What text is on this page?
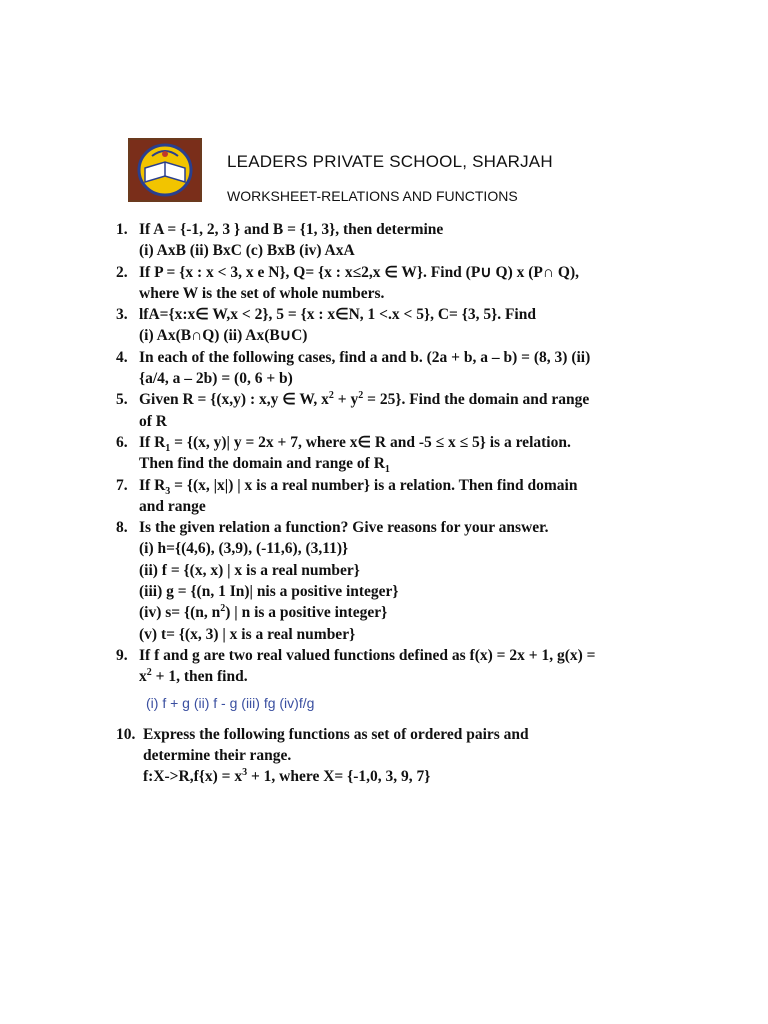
LEADERS PRIVATE SCHOOL, SHARJAH
WORKSHEET-RELATIONS AND FUNCTIONS
1. If A = {-1, 2, 3 } and B = {1, 3}, then determine
(i) AxB (ii) BxC (c) BxB (iv) AxA
2. If P = {x : x < 3, x e N}, Q= {x : x≤2,x ∈ W}. Find (P∪ Q) x (P∩ Q),
where W is the set of whole numbers.
3. lfA={x:x∈ W,x < 2}, 5 = {x : x∈N, 1 <.x < 5}, C= {3, 5}. Find
(i) Ax(B∩Q) (ii) Ax(B∪C)
4. In each of the following cases, find a and b. (2a + b, a – b) = (8, 3) (ii)
{a/4, a – 2b) = (0, 6 + b)
5. Given R = {(x,y) : x,y ∈ W, $x^2 + y^2 = 25$}. Find the domain and range
of R
6. If $R_1 = \{(x$, y)| y = 2x + 7, where x∈ R and -5 ≤ x ≤ 5} is a relation.
Then find the domain and range of $R_1$
7. If $R_3 = \{(x$, |x|) | x is a real number} is a relation. Then find domain
and range
8. Is the given relation a function? Give reasons for your answer.
(i) h={(4,6), (3,9), (-11,6), (3,11)}
(ii) f = {(x, x) | x is a real number}
(iii) g = {(n, 1 In)| nis a positive integer}
(iv) s= {(n, $n^2$) | n is a positive integer}
(v) t= {(x, 3) | x is a real number}
9. If f and g are two real valued functions defined as f(x) = 2x + 1, g(x) =
$x^2 + 1$, then find.
(i) f + g (ii) f - g (iii) fg (iv)f/g
10. Express the following functions as set of ordered pairs and
determine their range.
f:X->R,f{x) = $x^3 + 1$, where X= {-1,0, 3, 9, 7}
